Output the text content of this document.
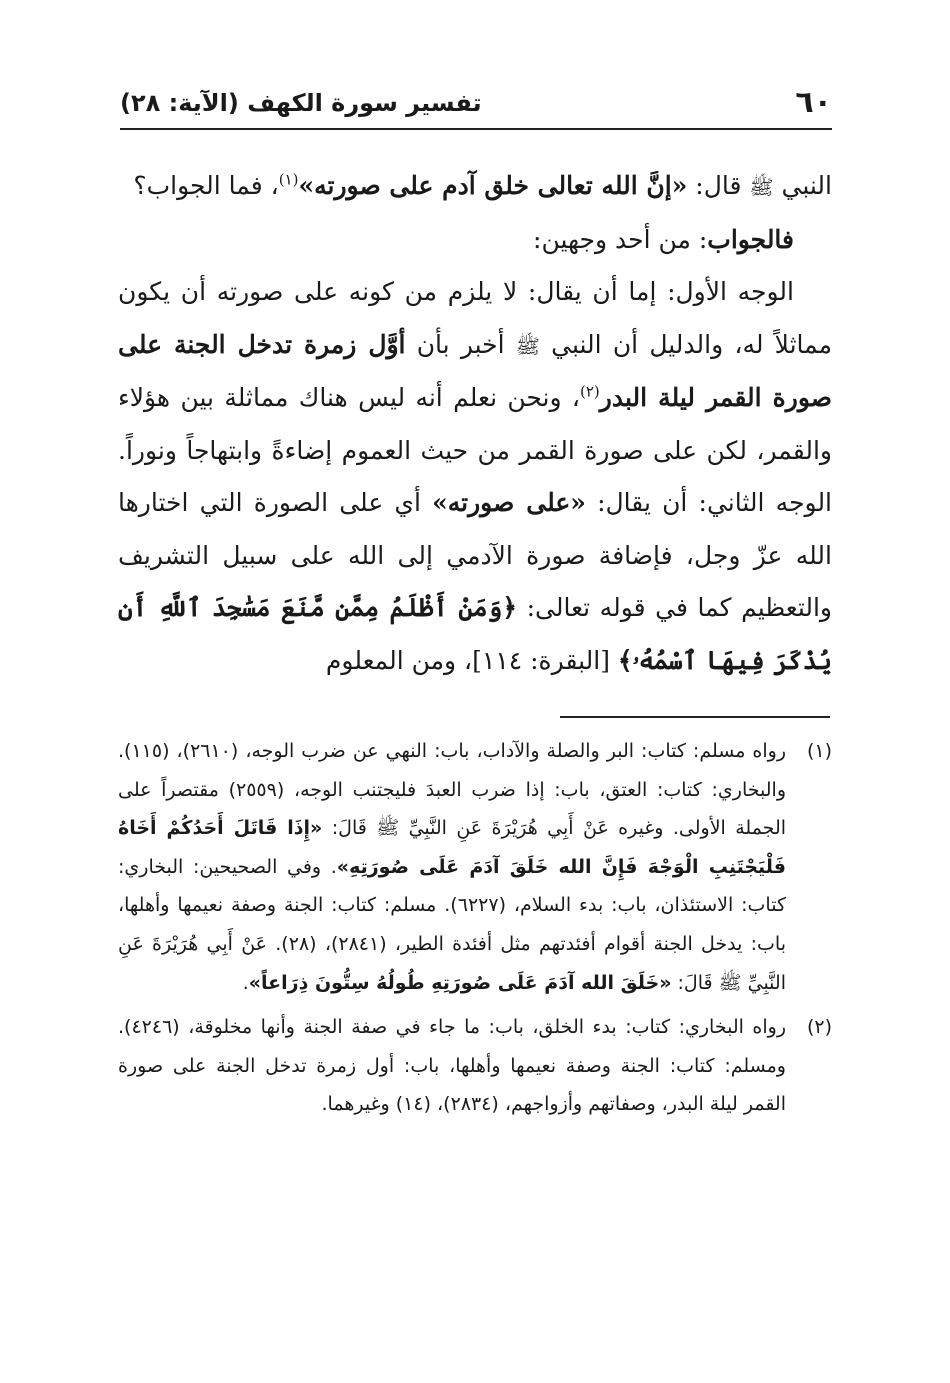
٦٠
تفسير سورة الكهف (الآية: ٢٨)

النبي ﷺ قال: «إنَّ الله تعالى خلق آدم على صورته»$^{(١)}$، فما الجواب؟

فالجواب: من أحد وجهين:

الوجه الأول: إما أن يقال: لا يلزم من كونه على صورته أن يكون مماثلاً له، والدليل أن النبي ﷺ أخبر بأن أوَّل زمرة تدخل الجنة على صورة القمر ليلة البدر$^{(٢)}$، ونحن نعلم أنه ليس هناك مماثلة بين هؤلاء والقمر، لكن على صورة القمر من حيث العموم إضاءةً وابتهاجاً ونوراً. الوجه الثاني: أن يقال: «على صورته» أي على الصورة التي اختارها الله عزّ وجل، فإضافة صورة الآدمي إلى الله على سبيل التشريف والتعظيم كما في قوله تعالى: ﴿وَمَنْ أَظْلَمُ مِمَّن مَّنَعَ مَسَٰجِدَ ٱللَّهِ أَن يُذْكَرَ فِيهَا ٱسْمُهُۥ﴾ [البقرة: ١١٤]، ومن المعلوم

(١)
رواه مسلم: كتاب: البر والصلة والآداب، باب: النهي عن ضرب الوجه، (٢٦١٠)، (١١٥). والبخاري: كتاب: العتق، باب: إذا ضرب العبدَ فليجتنب الوجه، (٢٥٥٩) مقتصراً على الجملة الأولى. وغيره عَنْ أَبِي هُرَيْرَةَ عَنِ النَّبِيِّ ﷺ قَالَ: «إِذَا قَاتَلَ أَحَدُكُمْ أَخَاهُ فَلْيَجْتَنِبِ الْوَجْهَ فَإِنَّ الله خَلَقَ آدَمَ عَلَى صُورَتِهِ». وفي الصحيحين: البخاري: كتاب: الاستئذان، باب: بدء السلام، (٦٢٢٧). مسلم: كتاب: الجنة وصفة نعيمها وأهلها، باب: يدخل الجنة أقوام أفئدتهم مثل أفئدة الطير، (٢٨٤١)، (٢٨). عَنْ أَبِي هُرَيْرَةَ عَنِ النَّبِيِّ ﷺ قَالَ: «خَلَقَ الله آدَمَ عَلَى صُورَتِهِ طُولُهُ سِتُّونَ ذِرَاعاً».
(٢)
رواه البخاري: كتاب: بدء الخلق، باب: ما جاء في صفة الجنة وأنها مخلوقة، (٤٢٤٦). ومسلم: كتاب: الجنة وصفة نعيمها وأهلها، باب: أول زمرة تدخل الجنة على صورة القمر ليلة البدر، وصفاتهم وأزواجهم، (٢٨٣٤)، (١٤) وغيرهما.
